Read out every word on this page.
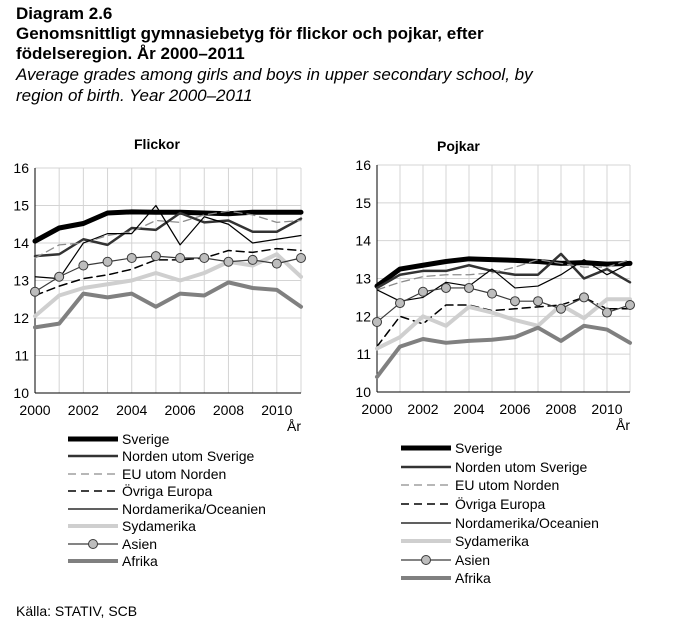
Diagram 2.6
Genomsnittligt gymnasiebetyg för flickor och pojkar, efter
födelseregion. År 2000–2011
Average grades among girls and boys in upper secondary school, by
region of birth. Year 2000–2011
Flickor	Pojkar
10
11
12
13
14
15
16
2000 2002 2004 2006 2008 2010
År
10
11
12
13
14
15
16
2000 2002 2004 2006 2008 2010
År
Sverige
Norden utom Sverige
EU utom Norden
Övriga Europa
Nordamerika/Oceanien
Sydamerika
Asien
Afrika
Sverige
Norden utom Sverige
EU utom Norden
Övriga Europa
Nordamerika/Oceanien
Sydamerika
Asien
Afrika
Källa: STATIV, SCB
